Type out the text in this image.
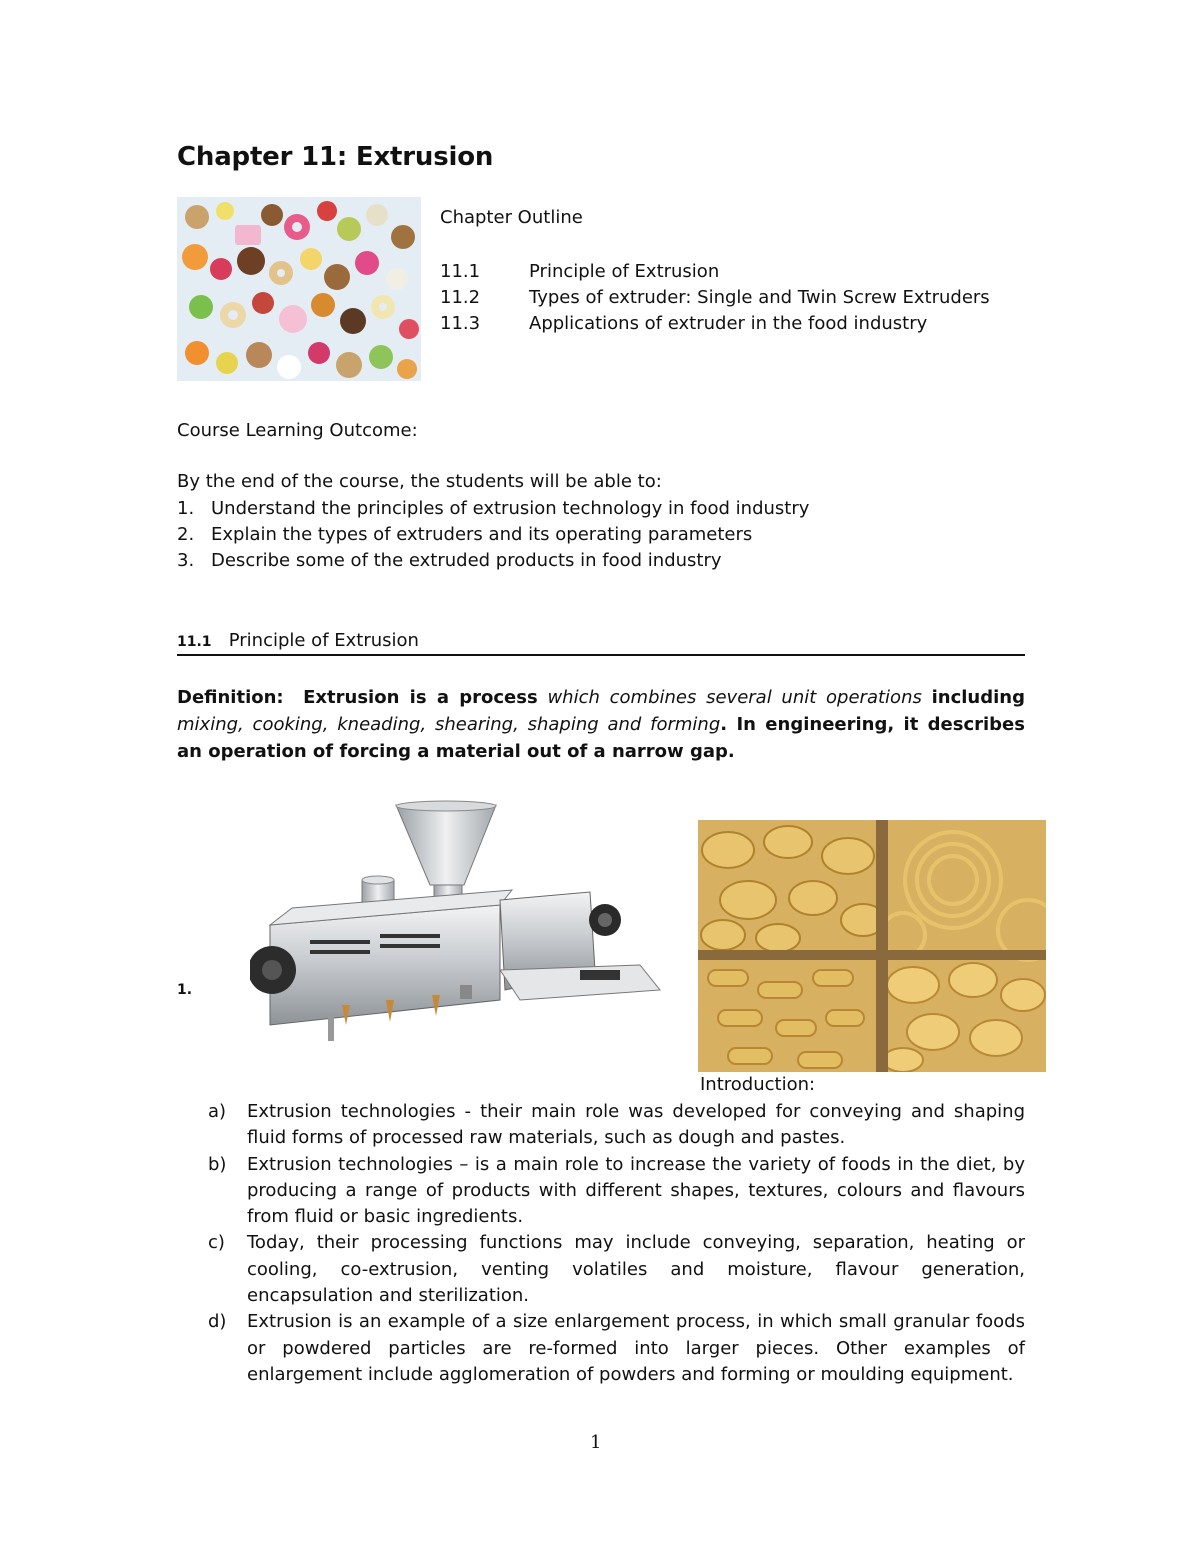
Chapter 11: Extrusion
Chapter Outline
11.1	Principle of Extrusion
11.2	Types of extruder: Single and Twin Screw Extruders
11.3	Applications of extruder in the food industry
Course Learning Outcome:
By the end of the course, the students will be able to:
1. Understand the principles of extrusion technology in food industry
2. Explain the types of extruders and its operating parameters
3. Describe some of the extruded products in food industry
11.1 Principle of Extrusion
Definition: Extrusion is a process which combines several unit operations including mixing, cooking, kneading, shearing, shaping and forming. In engineering, it describes an operation of forcing a material out of a narrow gap.
1.
Introduction:
a) Extrusion technologies - their main role was developed for conveying and shaping fluid forms of processed raw materials, such as dough and pastes.
b) Extrusion technologies – is a main role to increase the variety of foods in the diet, by producing a range of products with different shapes, textures, colours and flavours from fluid or basic ingredients.
c) Today, their processing functions may include conveying, separation, heating or cooling, co-extrusion, venting volatiles and moisture, flavour generation, encapsulation and sterilization.
d) Extrusion is an example of a size enlargement process, in which small granular foods or powdered particles are re-formed into larger pieces. Other examples of enlargement include agglomeration of powders and forming or moulding equipment.
1
